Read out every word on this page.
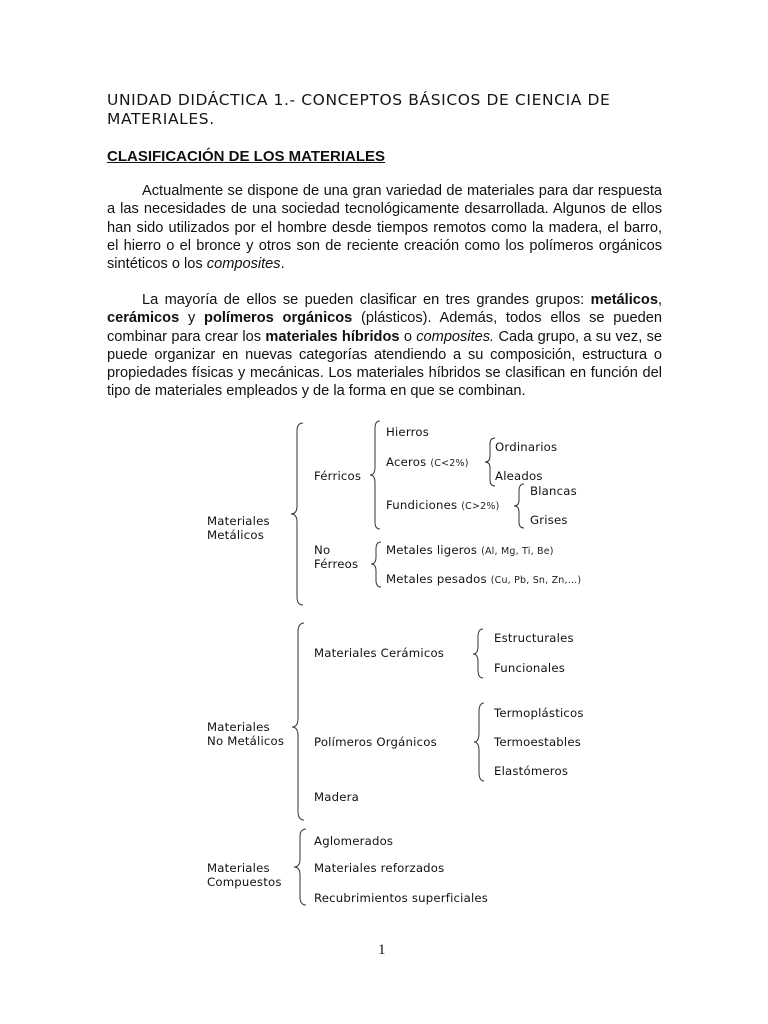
UNIDAD DIDÁCTICA 1.- CONCEPTOS BÁSICOS DE CIENCIA DE MATERIALES.
CLASIFICACIÓN DE LOS MATERIALES

Actualmente se dispone de una gran variedad de materiales para dar respuesta a las necesidades de una sociedad tecnológicamente desarrollada. Algunos de ellos han sido utilizados por el hombre desde tiempos remotos como la madera, el barro, el hierro o el bronce y otros son de reciente creación como los polímeros orgánicos sintéticos o los composites.

La mayoría de ellos se pueden clasificar en tres grandes grupos: metálicos, cerámicos y polímeros orgánicos (plásticos). Además, todos ellos se pueden combinar para crear los materiales híbridos o composites. Cada grupo, a su vez, se puede organizar en nuevas categorías atendiendo a su composición, estructura o propiedades físicas y mecánicas. Los materiales híbridos se clasifican en función del tipo de materiales empleados y de la forma en que se combinan.

Materiales
Metálicos
Férricos
Hierros
Aceros (C<2%)
Ordinarios
Aleados
Fundiciones (C>2%)
Blancas
Grises
No
Férreos
Metales ligeros (Al, Mg, Ti, Be)
Metales pesados (Cu, Pb, Sn, Zn,...)
Materiales
No Metálicos
Materiales Cerámicos
Estructurales
Funcionales
Polímeros Orgánicos
Termoplásticos
Termoestables
Elastómeros
Madera
Materiales
Compuestos
Aglomerados
Materiales reforzados
Recubrimientos superficiales
1
